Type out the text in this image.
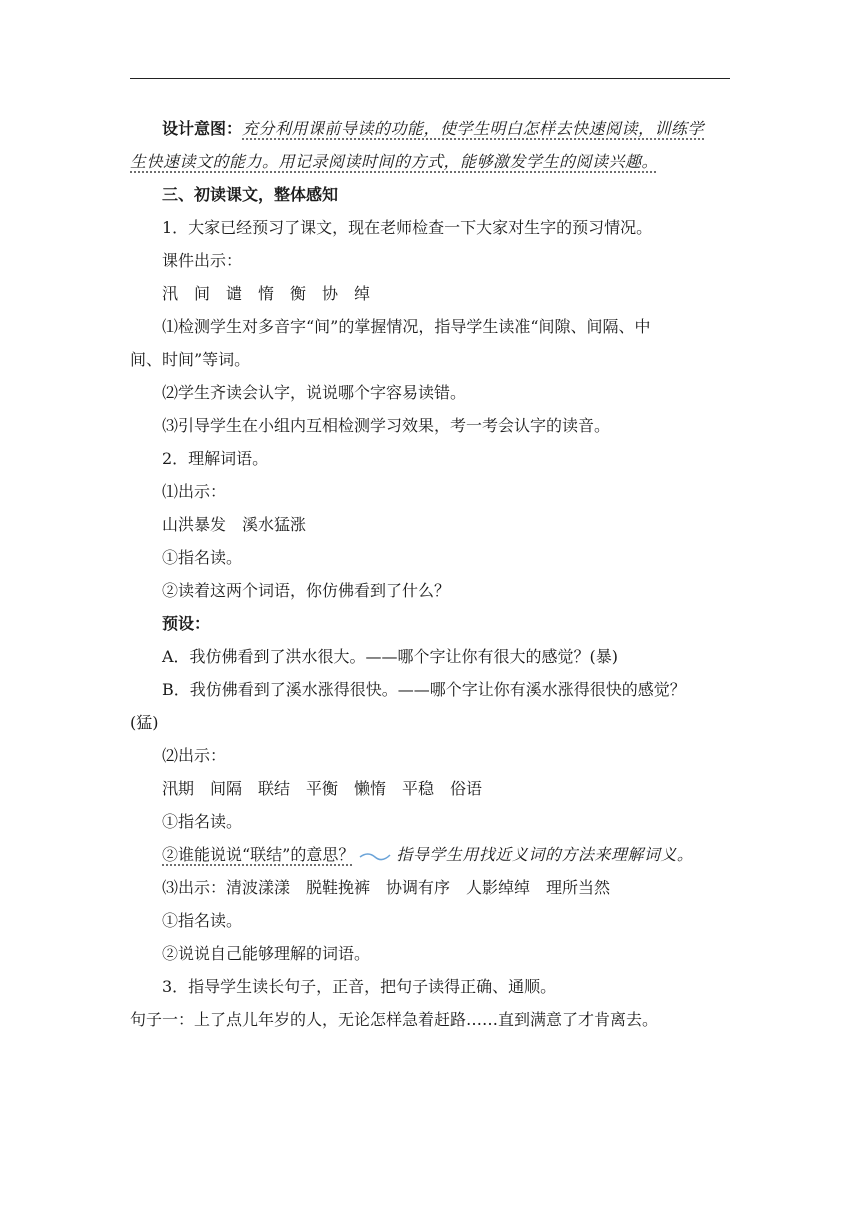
设计意图：充分利用课前导读的功能，使学生明白怎样去快速阅读，训练学

生快速读文的能力。用记录阅读时间的方式，能够激发学生的阅读兴趣。

三、初读课文，整体感知

1．大家已经预习了课文，现在老师检查一下大家对生字的预习情况。

课件出示：

汛　间　谴　惰　衡　协　绰

⑴检测学生对多音字“间”的掌握情况，指导学生读准“间隙、间隔、中

间、时间”等词。

⑵学生齐读会认字，说说哪个字容易读错。

⑶引导学生在小组内互相检测学习效果，考一考会认字的读音。

2．理解词语。

⑴出示：

山洪暴发　溪水猛涨

①指名读。

②读着这两个词语，你仿佛看到了什么？

预设：

A．我仿佛看到了洪水很大。——哪个字让你有很大的感觉？(暴)

B．我仿佛看到了溪水涨得很快。——哪个字让你有溪水涨得很快的感觉？

(猛)

⑵出示：

汛期　间隔　联结　平衡　懒惰　平稳　俗语

①指名读。

②谁能说说“联结”的意思？	指导学生用找近义词的方法来理解词义。

⑶出示：清波漾漾　脱鞋挽裤　协调有序　人影绰绰　理所当然

①指名读。

②说说自己能够理解的词语。

3．指导学生读长句子，正音，把句子读得正确、通顺。

句子一：上了点儿年岁的人，无论怎样急着赶路……直到满意了才肯离去。
